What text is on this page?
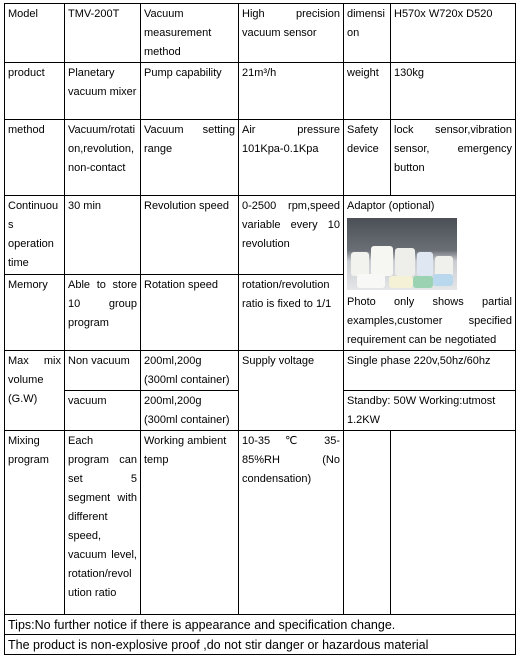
Model	TMV-200T	Vacuum measurement method	High precision vacuum sensor	dimension	H570x W720x D520
product	Planetary vacuum mixer	Pump capability	21m³/h	weight	130kg
method	Vacuum/rotation,revolution,non-contact	Vacuum setting range	Air pressure 101Kpa-0.1Kpa	Safety device	lock sensor,vibration sensor, emergency button
Continuous operation time	30 min	Revolution speed	0-2500 rpm,speed variable every 10 revolution	Adaptor (optional)
Photo only shows partial examples,customer specified requirement can be negotiated	

Memory	Able to store 10 group program	Rotation speed	rotation/revolution ratio is fixed to 1/1		
Max mix volume (G.W)	Non vacuum	200ml,200g (300ml container)	Supply voltage	Single phase 220v,50hz/60hz	
	vacuum	200ml,200g (300ml container)		Standby: 50W Working:utmost 1.2KW	
Mixing program	Each program can set 5 segment with different speed, vacuum level, rotation/revolution ratio	Working ambient temp	10-35 ℃ 35-85%RH (No condensation)		
Tips:No further notice if there is appearance and specification change.					
The product is non-explosive proof ,do not stir danger or hazardous material					
